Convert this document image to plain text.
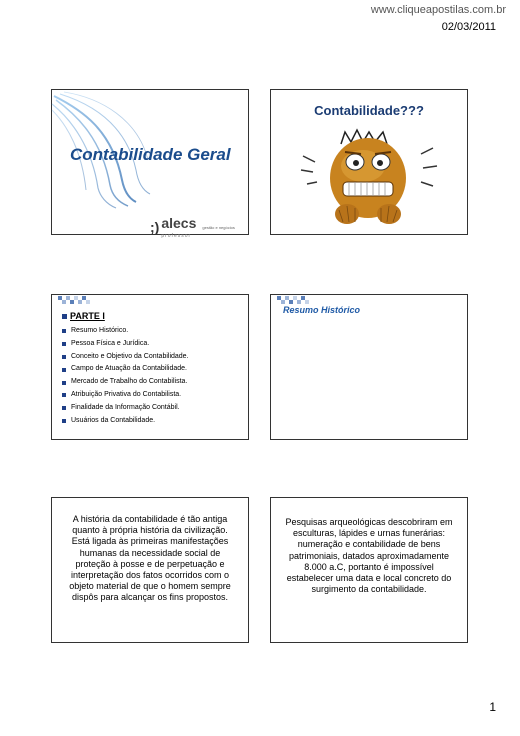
www.cliqueapostilas.com.br
02/03/2011
Contabilidade Geral
;) alecs
professor
gestão e negócios
Contabilidade???
PARTE I
Resumo Histórico.
Pessoa Física e Jurídica.
Conceito e Objetivo da Contabilidade.
Campo de Atuação da Contabilidade.
Mercado de Trabalho do Contabilista.
Atribuição Privativa do Contabilista.
Finalidade da Informação Contábil.
Usuários da Contabilidade.
Resumo Histórico
A história da contabilidade é tão antiga quanto à própria história da civilização. Está ligada às primeiras manifestações humanas da necessidade social de proteção à posse e de perpetuação e interpretação dos fatos ocorridos com o objeto material de que o homem sempre dispôs para alcançar os fins propostos.
Pesquisas arqueológicas descobriram em esculturas, lápides e urnas funerárias: numeração e contabilidade de bens patrimoniais, datados aproximadamente 8.000 a.C, portanto é impossível estabelecer uma data e local concreto do surgimento da contabilidade.
1
